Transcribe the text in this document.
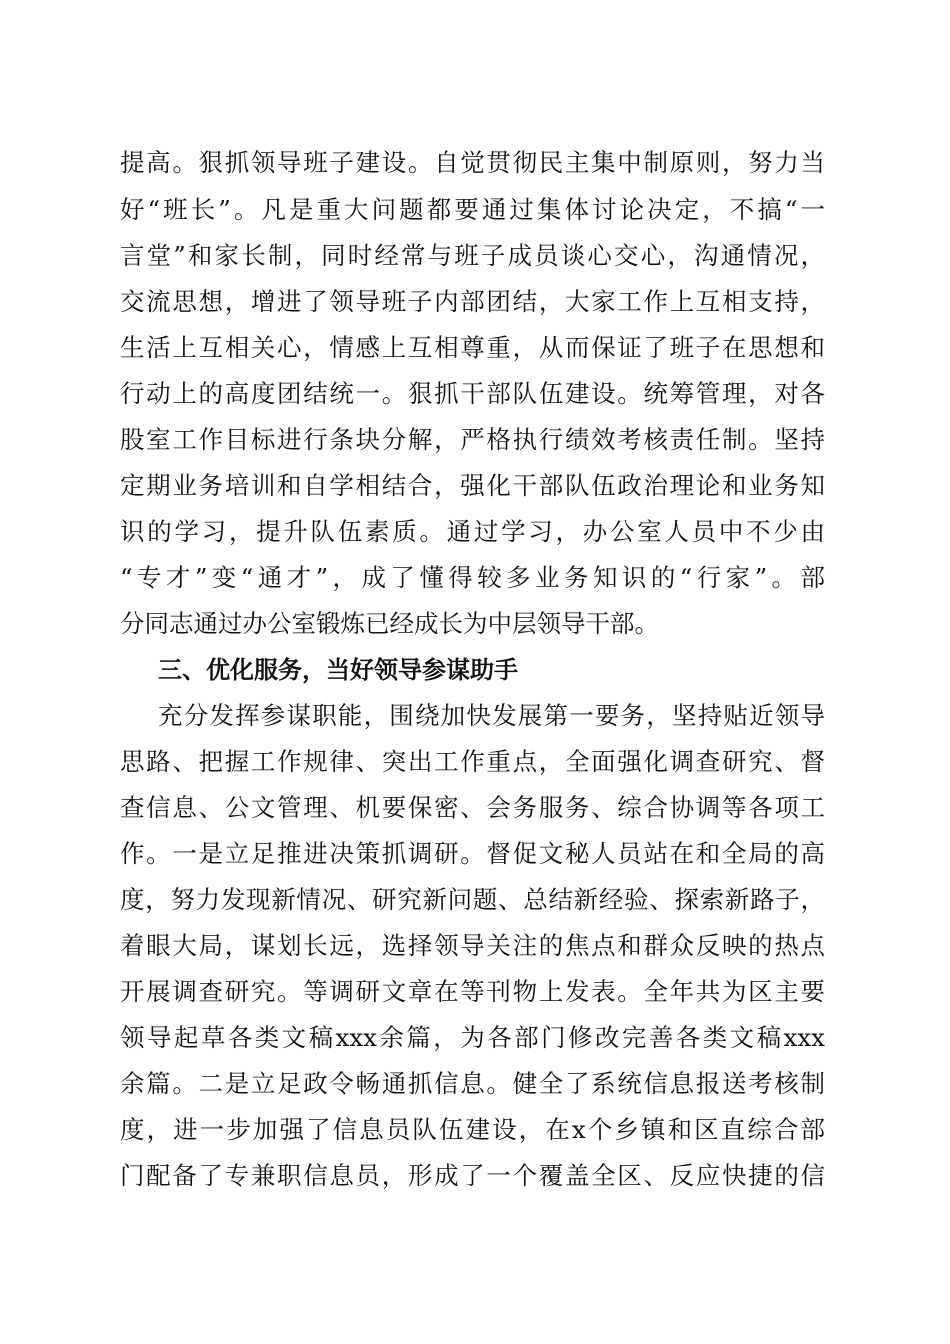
提高。狠抓领导班子建设。自觉贯彻民主集中制原则，努力当
好“班长”。凡是重大问题都要通过集体讨论决定，不搞“一
言堂”和家长制，同时经常与班子成员谈心交心，沟通情况，
交流思想，增进了领导班子内部团结，大家工作上互相支持，
生活上互相关心，情感上互相尊重，从而保证了班子在思想和
行动上的高度团结统一。狠抓干部队伍建设。统筹管理，对各
股室工作目标进行条块分解，严格执行绩效考核责任制。坚持
定期业务培训和自学相结合，强化干部队伍政治理论和业务知
识的学习，提升队伍素质。通过学习，办公室人员中不少由
“专才”变“通才”，成了懂得较多业务知识的“行家”。部
分同志通过办公室锻炼已经成长为中层领导干部。
三、优化服务，当好领导参谋助手
充分发挥参谋职能，围绕加快发展第一要务，坚持贴近领导
思路、把握工作规律、突出工作重点，全面强化调查研究、督
查信息、公文管理、机要保密、会务服务、综合协调等各项工
作。一是立足推进决策抓调研。督促文秘人员站在和全局的高
度，努力发现新情况、研究新问题、总结新经验、探索新路子，
着眼大局，谋划长远，选择领导关注的焦点和群众反映的热点
开展调查研究。等调研文章在等刊物上发表。全年共为区主要
领导起草各类文稿xxx余篇，为各部门修改完善各类文稿xxx
余篇。二是立足政令畅通抓信息。健全了系统信息报送考核制
度，进一步加强了信息员队伍建设，在x个乡镇和区直综合部
门配备了专兼职信息员，形成了一个覆盖全区、反应快捷的信
